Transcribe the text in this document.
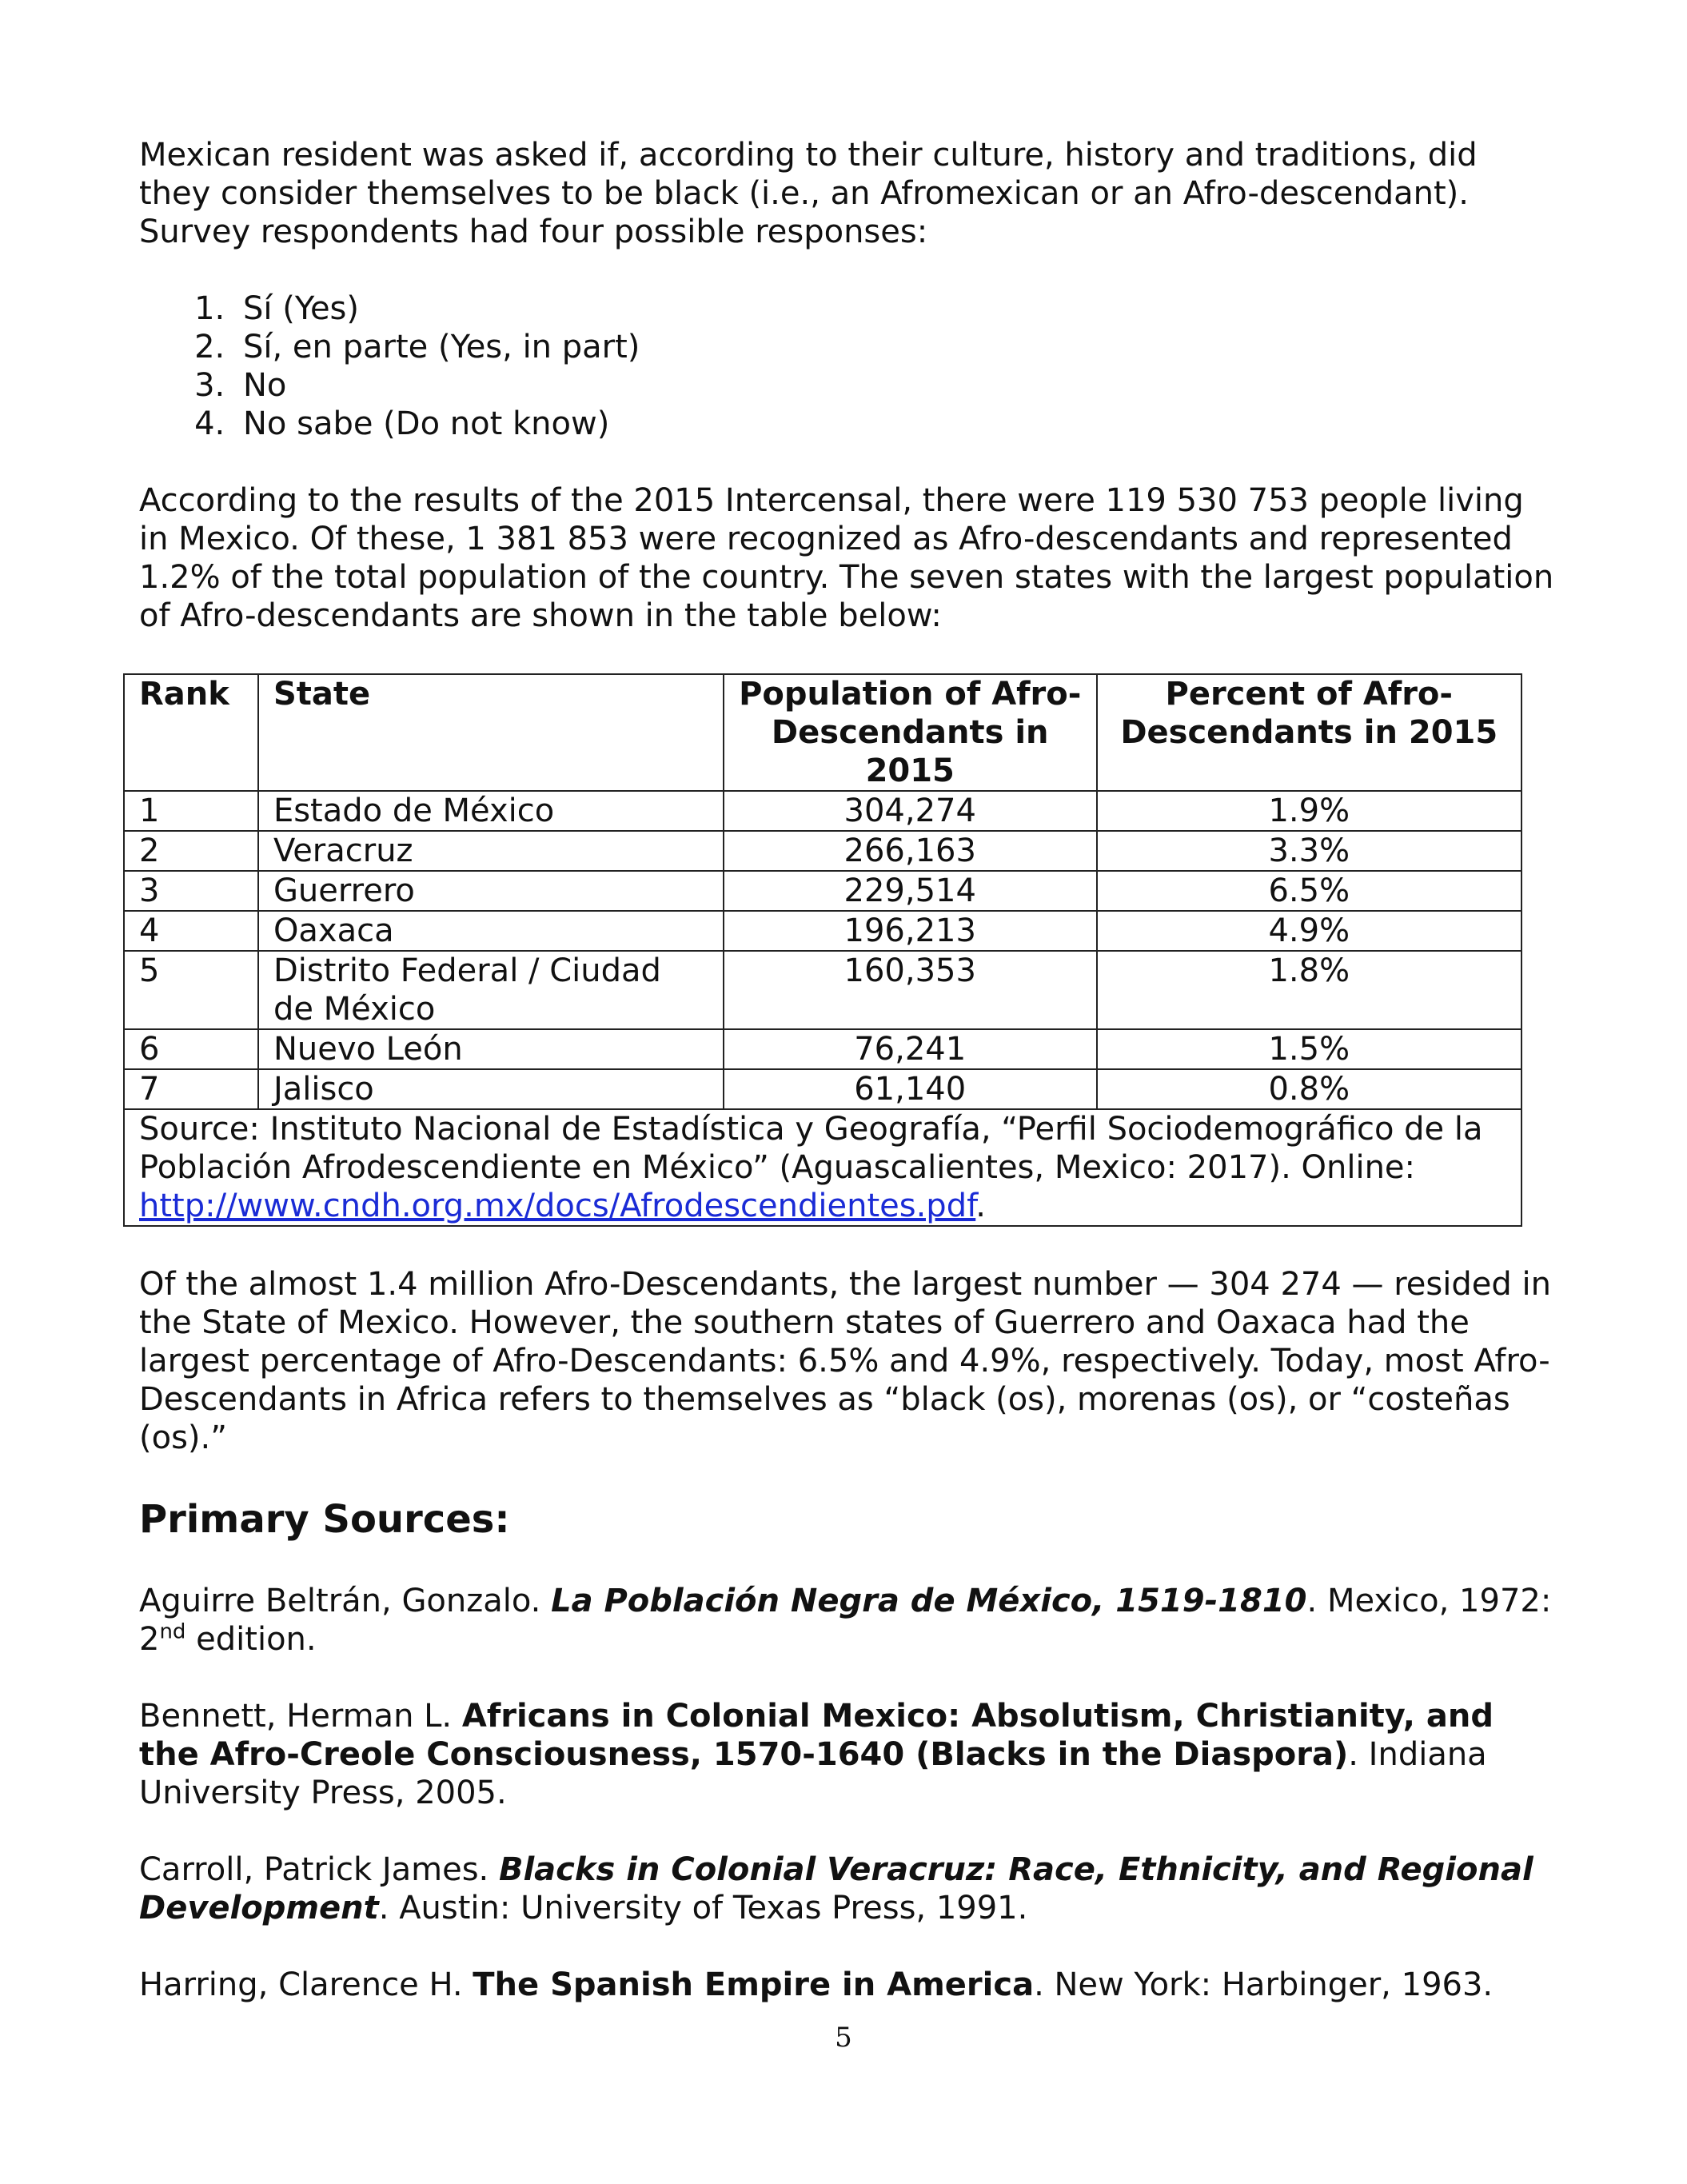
Mexican resident was asked if, according to their culture, history and traditions, did they consider themselves to be black (i.e., an Afromexican or an Afro-descendant). Survey respondents had four possible responses:

1. Sí (Yes)
2. Sí, en parte (Yes, in part)
3. No
4. No sabe (Do not know)

According to the results of the 2015 Intercensal, there were 119 530 753 people living in Mexico. Of these, 1 381 853 were recognized as Afro-descendants and represented 1.2% of the total population of the country. The seven states with the largest population of Afro-descendants are shown in the table below:

Rank	State	Population of Afro-Descendants in 2015	Percent of Afro-Descendants in 2015
1	Estado de México	304,274	1.9%
2	Veracruz	266,163	3.3%
3	Guerrero	229,514	6.5%
4	Oaxaca	196,213	4.9%
5	Distrito Federal / Ciudad de México	160,353	1.8%
6	Nuevo León	76,241	1.5%
7	Jalisco	61,140	0.8%
Source: Instituto Nacional de Estadística y Geografía, “Perfil Sociodemográfico de la Población Afrodescendiente en México” (Aguascalientes, Mexico: 2017). Online: http://www.cndh.org.mx/docs/Afrodescendientes.pdf.			

Of the almost 1.4 million Afro-Descendants, the largest number — 304 274 — resided in the State of Mexico. However, the southern states of Guerrero and Oaxaca had the largest percentage of Afro-Descendants: 6.5% and 4.9%, respectively. Today, most Afro-Descendants in Africa refers to themselves as “black (os), morenas (os), or “costeñas (os).”

Primary Sources:

Aguirre Beltrán, Gonzalo. La Población Negra de México, 1519-1810. Mexico, 1972: 2nd edition.

Bennett, Herman L. Africans in Colonial Mexico: Absolutism, Christianity, and the Afro-Creole Consciousness, 1570-1640 (Blacks in the Diaspora). Indiana University Press, 2005.

Carroll, Patrick James. Blacks in Colonial Veracruz: Race, Ethnicity, and Regional Development. Austin: University of Texas Press, 1991.

Harring, Clarence H. The Spanish Empire in America. New York: Harbinger, 1963.

5
